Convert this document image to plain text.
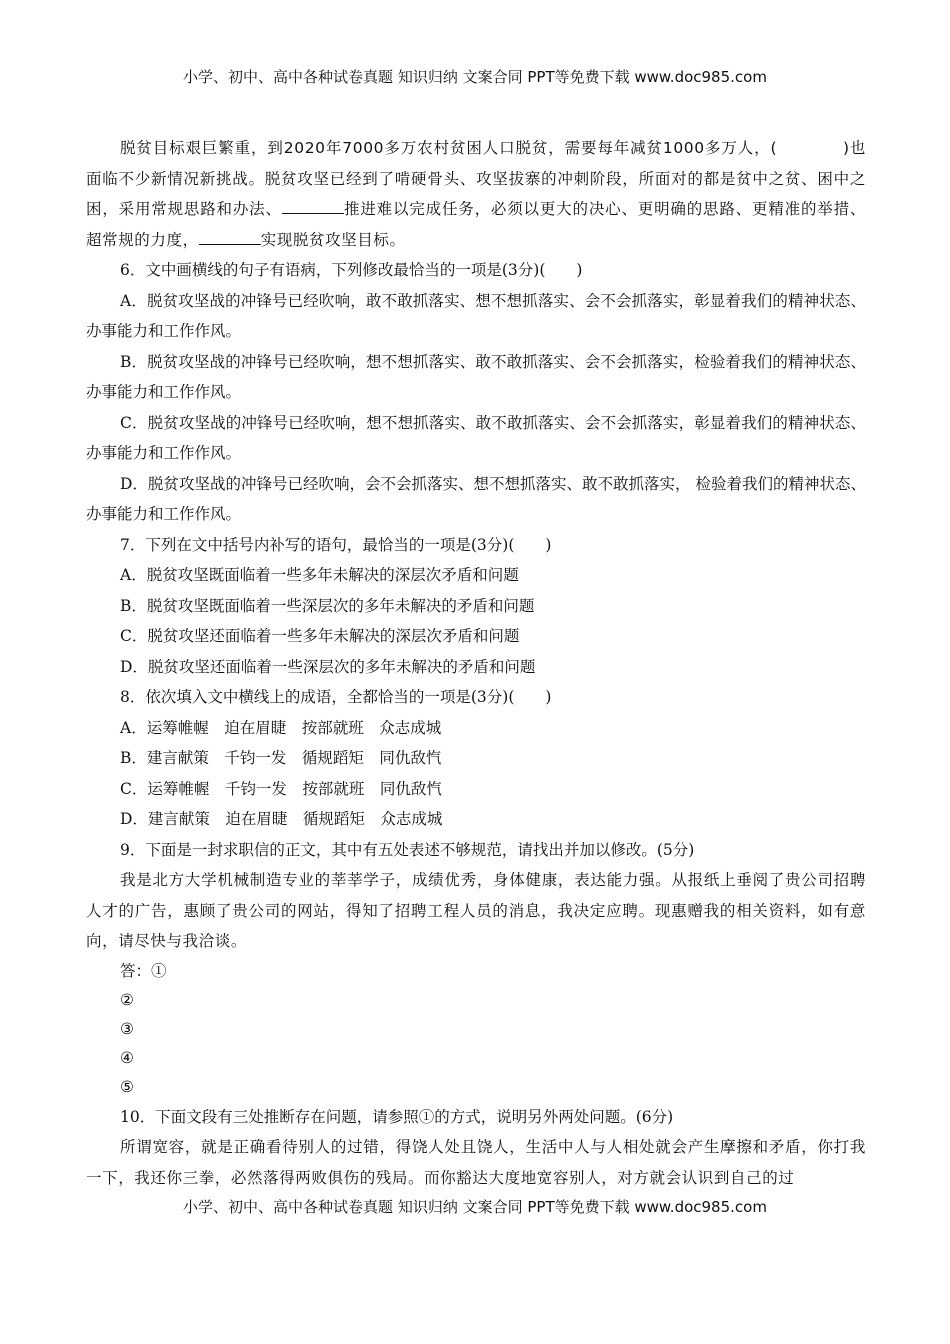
小学、初中、高中各种试卷真题 知识归纳 文案合同 PPT等免费下载 www.doc985.com

脱贫目标艰巨繁重，到2020年7000多万农村贫困人口脱贫，需要每年减贫1000多万人，(　　　　)也面临不少新情况新挑战。脱贫攻坚已经到了啃硬骨头、攻坚拔寨的冲刺阶段，所面对的都是贫中之贫、困中之困，采用常规思路和办法、	推进难以完成任务，必须以更大的决心、更明确的思路、更精准的举措、超常规的力度，	实现脱贫攻坚目标。

6．文中画横线的句子有语病，下列修改最恰当的一项是(3分)(　　)

A．脱贫攻坚战的冲锋号已经吹响，敢不敢抓落实、想不想抓落实、会不会抓落实，彰显着我们的精神状态、办事能力和工作作风。

B．脱贫攻坚战的冲锋号已经吹响，想不想抓落实、敢不敢抓落实、会不会抓落实，检验着我们的精神状态、办事能力和工作作风。

C．脱贫攻坚战的冲锋号已经吹响，想不想抓落实、敢不敢抓落实、会不会抓落实，彰显着我们的精神状态、办事能力和工作作风。

D．脱贫攻坚战的冲锋号已经吹响，会不会抓落实、想不想抓落实、敢不敢抓落实， 检验着我们的精神状态、办事能力和工作作风。

7．下列在文中括号内补写的语句，最恰当的一项是(3分)(　　)

A．脱贫攻坚既面临着一些多年未解决的深层次矛盾和问题

B．脱贫攻坚既面临着一些深层次的多年未解决的矛盾和问题

C．脱贫攻坚还面临着一些多年未解决的深层次矛盾和问题

D．脱贫攻坚还面临着一些深层次的多年未解决的矛盾和问题

8．依次填入文中横线上的成语，全都恰当的一项是(3分)(　　)

A．运筹帷幄　迫在眉睫　按部就班　众志成城

B．建言献策　千钧一发　循规蹈矩　同仇敌忾

C．运筹帷幄　千钧一发　按部就班　同仇敌忾

D．建言献策　迫在眉睫　循规蹈矩　众志成城

9．下面是一封求职信的正文，其中有五处表述不够规范，请找出并加以修改。(5分)

我是北方大学机械制造专业的莘莘学子，成绩优秀，身体健康，表达能力强。从报纸上垂阅了贵公司招聘人才的广告，惠顾了贵公司的网站，得知了招聘工程人员的消息，我决定应聘。现惠赠我的相关资料，如有意向，请尽快与我洽谈。

答：①

②

③

④

⑤

10．下面文段有三处推断存在问题，请参照①的方式，说明另外两处问题。(6分)

所谓宽容，就是正确看待别人的过错，得饶人处且饶人，生活中人与人相处就会产生摩擦和矛盾，你打我一下，我还你三拳，必然落得两败俱伤的残局。而你豁达大度地宽容别人，对方就会认识到自己的过

小学、初中、高中各种试卷真题 知识归纳 文案合同 PPT等免费下载 www.doc985.com
